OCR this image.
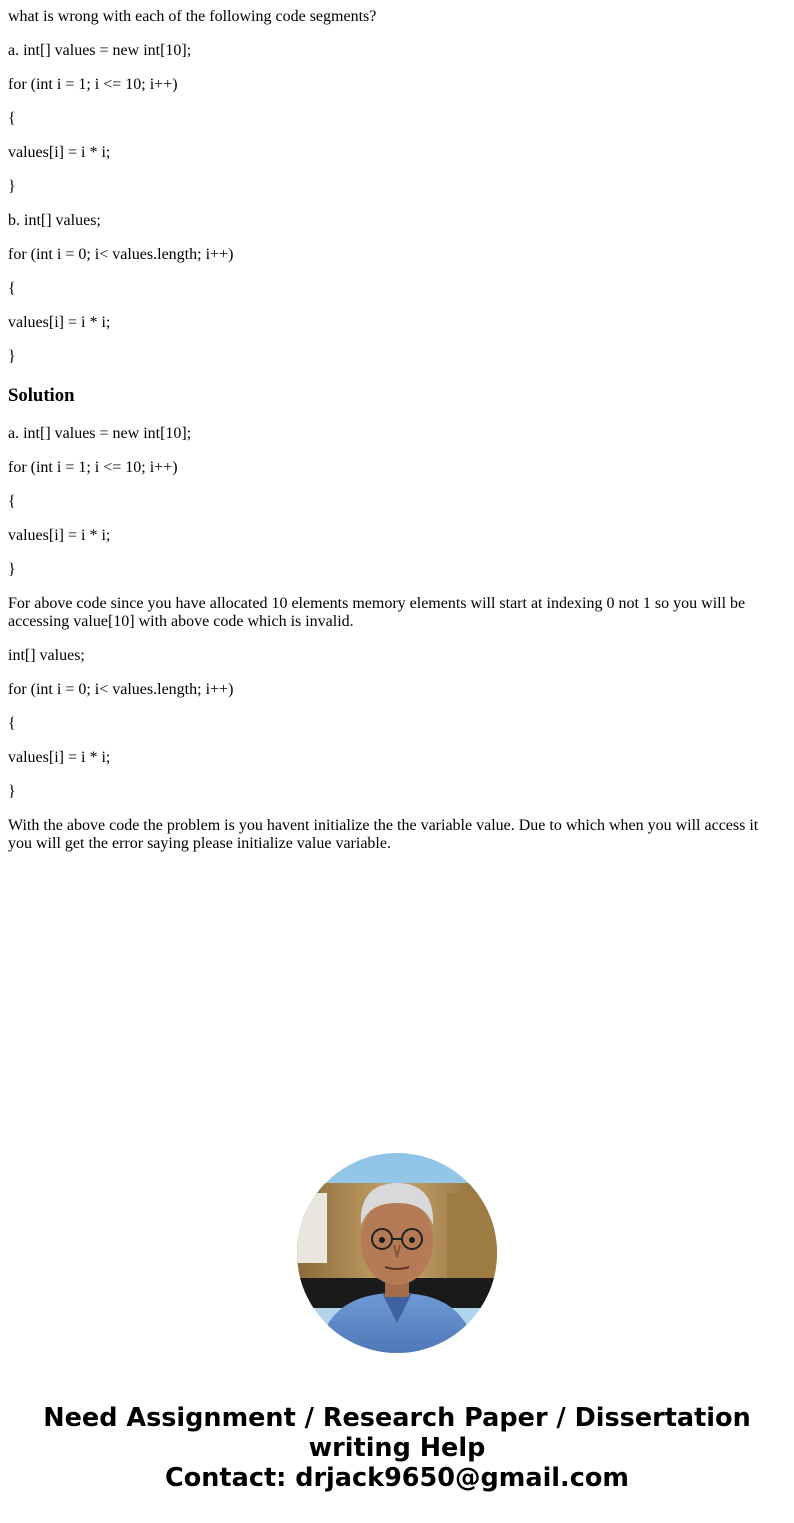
what is wrong with each of the following code segments?

a. int[] values = new int[10];

for (int i = 1; i <= 10; i++)

{

values[i] = i * i;

}

b. int[] values;

for (int i = 0; i< values.length; i++)

{

values[i] = i * i;

}

Solution

a. int[] values = new int[10];

for (int i = 1; i <= 10; i++)

{

values[i] = i * i;

}

For above code since you have allocated 10 elements memory elements will start at indexing 0 not 1 so you will be accessing value[10] with above code which is invalid.

int[] values;

for (int i = 0; i< values.length; i++)

{

values[i] = i * i;

}

With the above code the problem is you havent initialize the the variable value. Due to which when you will access it you will get the error saying please initialize value variable.

Need Assignment / Research Paper / Dissertation
writing Help
Contact: drjack9650@gmail.com
